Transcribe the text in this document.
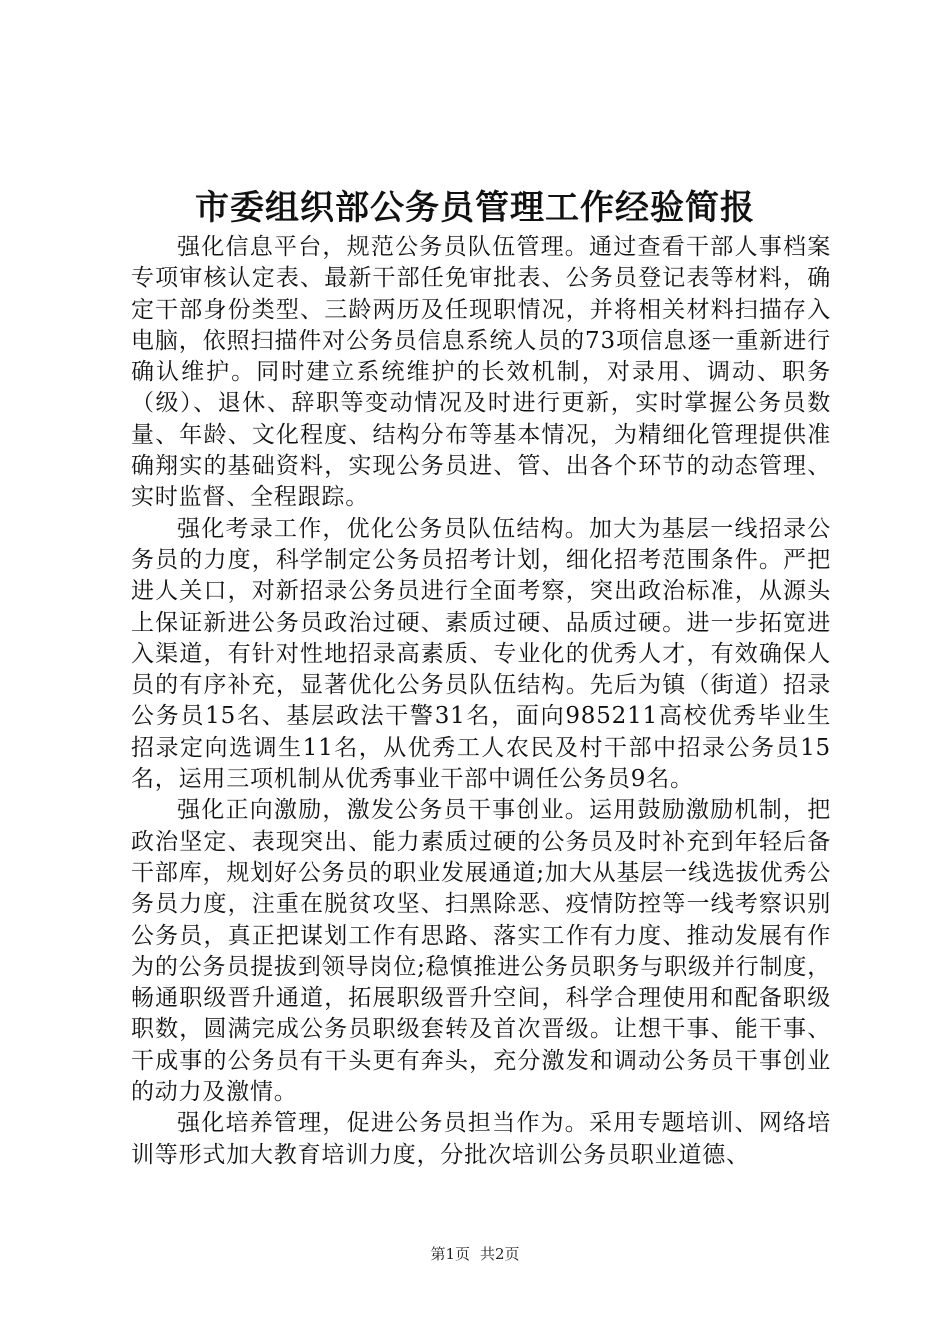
市委组织部公务员管理工作经验简报

强化信息平台，规范公务员队伍管理。通过查看干部人事档案专项审核认定表、最新干部任免审批表、公务员登记表等材料，确定干部身份类型、三龄两历及任现职情况，并将相关材料扫描存入电脑，依照扫描件对公务员信息系统人员的73项信息逐一重新进行确认维护。同时建立系统维护的长效机制，对录用、调动、职务（级）、退休、辞职等变动情况及时进行更新，实时掌握公务员数量、年龄、文化程度、结构分布等基本情况，为精细化管理提供准确翔实的基础资料，实现公务员进、管、出各个环节的动态管理、实时监督、全程跟踪。

强化考录工作，优化公务员队伍结构。加大为基层一线招录公务员的力度，科学制定公务员招考计划，细化招考范围条件。严把进人关口，对新招录公务员进行全面考察，突出政治标准，从源头上保证新进公务员政治过硬、素质过硬、品质过硬。进一步拓宽进入渠道，有针对性地招录高素质、专业化的优秀人才，有效确保人员的有序补充，显著优化公务员队伍结构。先后为镇（街道）招录公务员15名、基层政法干警31名，面向985211高校优秀毕业生招录定向选调生11名，从优秀工人农民及村干部中招录公务员15名，运用三项机制从优秀事业干部中调任公务员9名。

强化正向激励，激发公务员干事创业。运用鼓励激励机制，把政治坚定、表现突出、能力素质过硬的公务员及时补充到年轻后备干部库，规划好公务员的职业发展通道;加大从基层一线选拔优秀公务员力度，注重在脱贫攻坚、扫黑除恶、疫情防控等一线考察识别公务员，真正把谋划工作有思路、落实工作有力度、推动发展有作为的公务员提拔到领导岗位;稳慎推进公务员职务与职级并行制度，畅通职级晋升通道，拓展职级晋升空间，科学合理使用和配备职级职数，圆满完成公务员职级套转及首次晋级。让想干事、能干事、干成事的公务员有干头更有奔头，充分激发和调动公务员干事创业的动力及激情。

强化培养管理，促进公务员担当作为。采用专题培训、网络培训等形式加大教育培训力度，分批次培训公务员职业道德、

第1页 共2页
